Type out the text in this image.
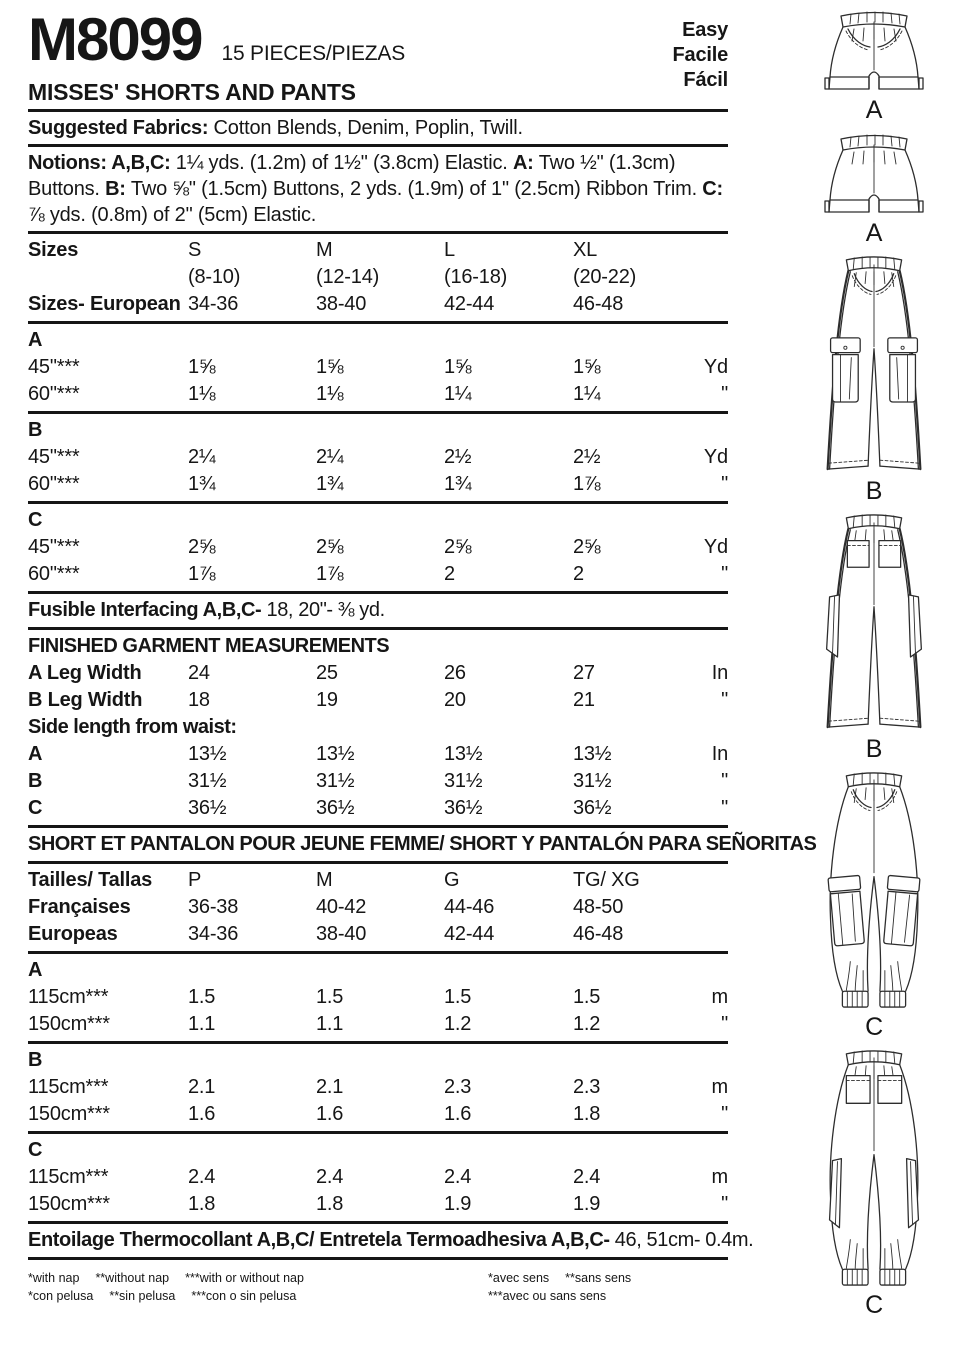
Easy
Facile
Fácil
M8099 15 PIECES/PIEZAS
MISSES' SHORTS AND PANTS
Suggested Fabrics: Cotton Blends, Denim, Poplin, Twill.
Notions: A,B,C: 1¼ yds. (1.2m) of 1½" (3.8cm) Elastic. A: Two ½" (1.3cm) Buttons. B: Two ⅝" (1.5cm) Buttons, 2 yds. (1.9m) of 1" (2.5cm) Ribbon Trim. C: ⅞ yds. (0.8m) of 2" (5cm) Elastic.
Sizes	S	M	L	XL
(8-10)	(12-14)	(16-18)	(20-22)
Sizes- European 34-36	38-40	42-44	46-48
A
45"***	1⅝	1⅝	1⅝	1⅝	Yd
60"***	1⅛	1⅛	1¼	1¼	"
B
45"***	2¼	2¼	2½	2½	Yd
60"***	1¾	1¾	1¾	1⅞	"
C
45"***	2⅝	2⅝	2⅝	2⅝	Yd
60"***	1⅞	1⅞	2	2	"
Fusible Interfacing A,B,C- 18, 20"- ⅜ yd.
FINISHED GARMENT MEASUREMENTS
A Leg Width	24	25	26	27	In
B Leg Width	18	19	20	21	"
Side length from waist:
A	13½	13½	13½	13½	In
B	31½	31½	31½	31½	"
C	36½	36½	36½	36½	"
SHORT ET PANTALON POUR JEUNE FEMME/ SHORT Y PANTALÓN PARA SEÑORITAS
Tailles/ Tallas	P	M	G	TG/ XG
Françaises	36-38	40-42	44-46	48-50
Europeas	34-36	38-40	42-44	46-48
A
115cm***	1.5	1.5	1.5	1.5	m
150cm***	1.1	1.1	1.2	1.2	"
B
115cm***	2.1	2.1	2.3	2.3	m
150cm***	1.6	1.6	1.6	1.8	"
C
115cm***	2.4	2.4	2.4	2.4	m
150cm***	1.8	1.8	1.9	1.9	"
Entoilage Thermocollant A,B,C/ Entretela Termoadhesiva A,B,C- 46, 51cm- 0.4m.
*with nap **without nap ***with or without nap
*con pelusa **sin pelusa ***con o sin pelusa
*avec sens **sans sens***avec ou sans sens
A
A
B
B
C
C
